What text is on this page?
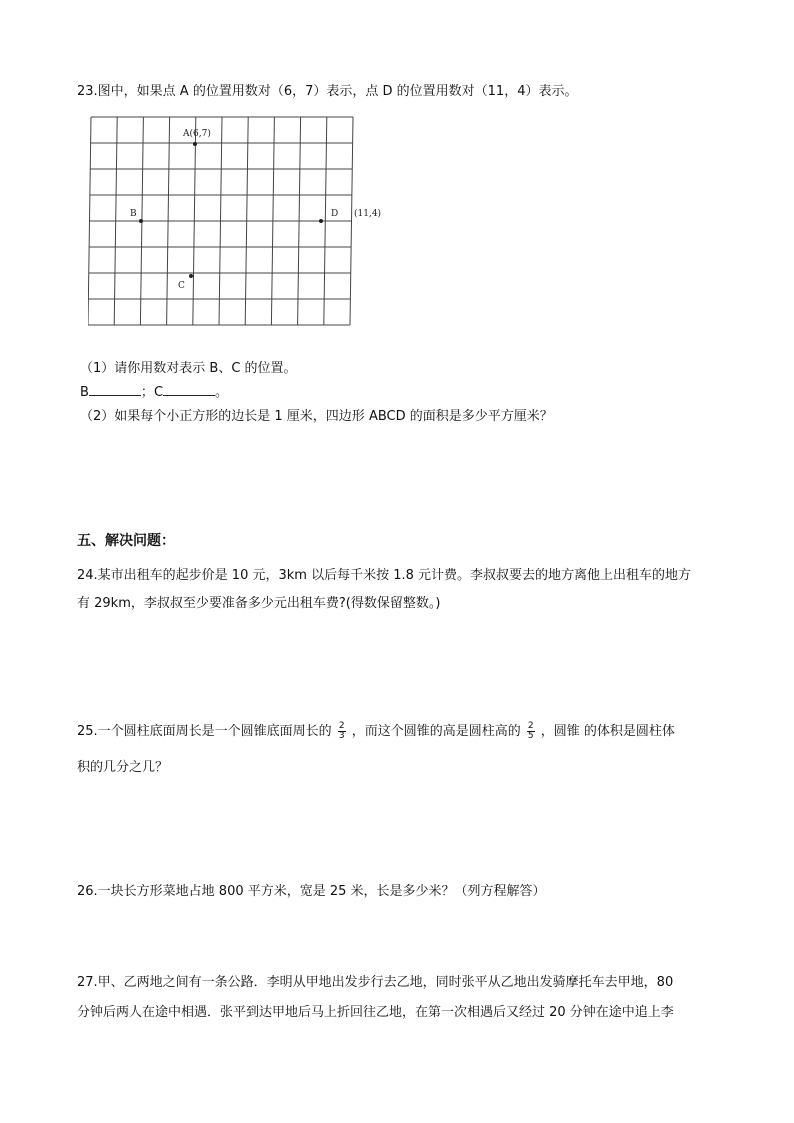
23.图中，如果点 A 的位置用数对（6，7）表示，点 D 的位置用数对（11，4）表示。
A(6,7)
B
C
D (11,4)
（1）请你用数对表示 B、C 的位置。
B	；C	。
（2）如果每个小正方形的边长是 1 厘米，四边形 ABCD 的面积是多少平方厘米？
五、解决问题：
24.某市出租车的起步价是 10 元，3km 以后每千米按 1.8 元计费。李叔叔要去的地方离他上出租车的地方
有 29km，李叔叔至少要准备多少元出租车费?(得数保留整数。)
25.一个圆柱底面周长是一个圆锥底面周长的 $\frac{2}{3}$ ，而这个圆锥的高是圆柱高的 $\frac{2}{5}$ ，圆锥 的体积是圆柱体
积的几分之几？
26.一块长方形菜地占地 800 平方米，宽是 25 米，长是多少米？（列方程解答）
27.甲、乙两地之间有一条公路．李明从甲地出发步行去乙地，同时张平从乙地出发骑摩托车去甲地，80
分钟后两人在途中相遇．张平到达甲地后马上折回往乙地，在第一次相遇后又经过 20 分钟在途中追上李
